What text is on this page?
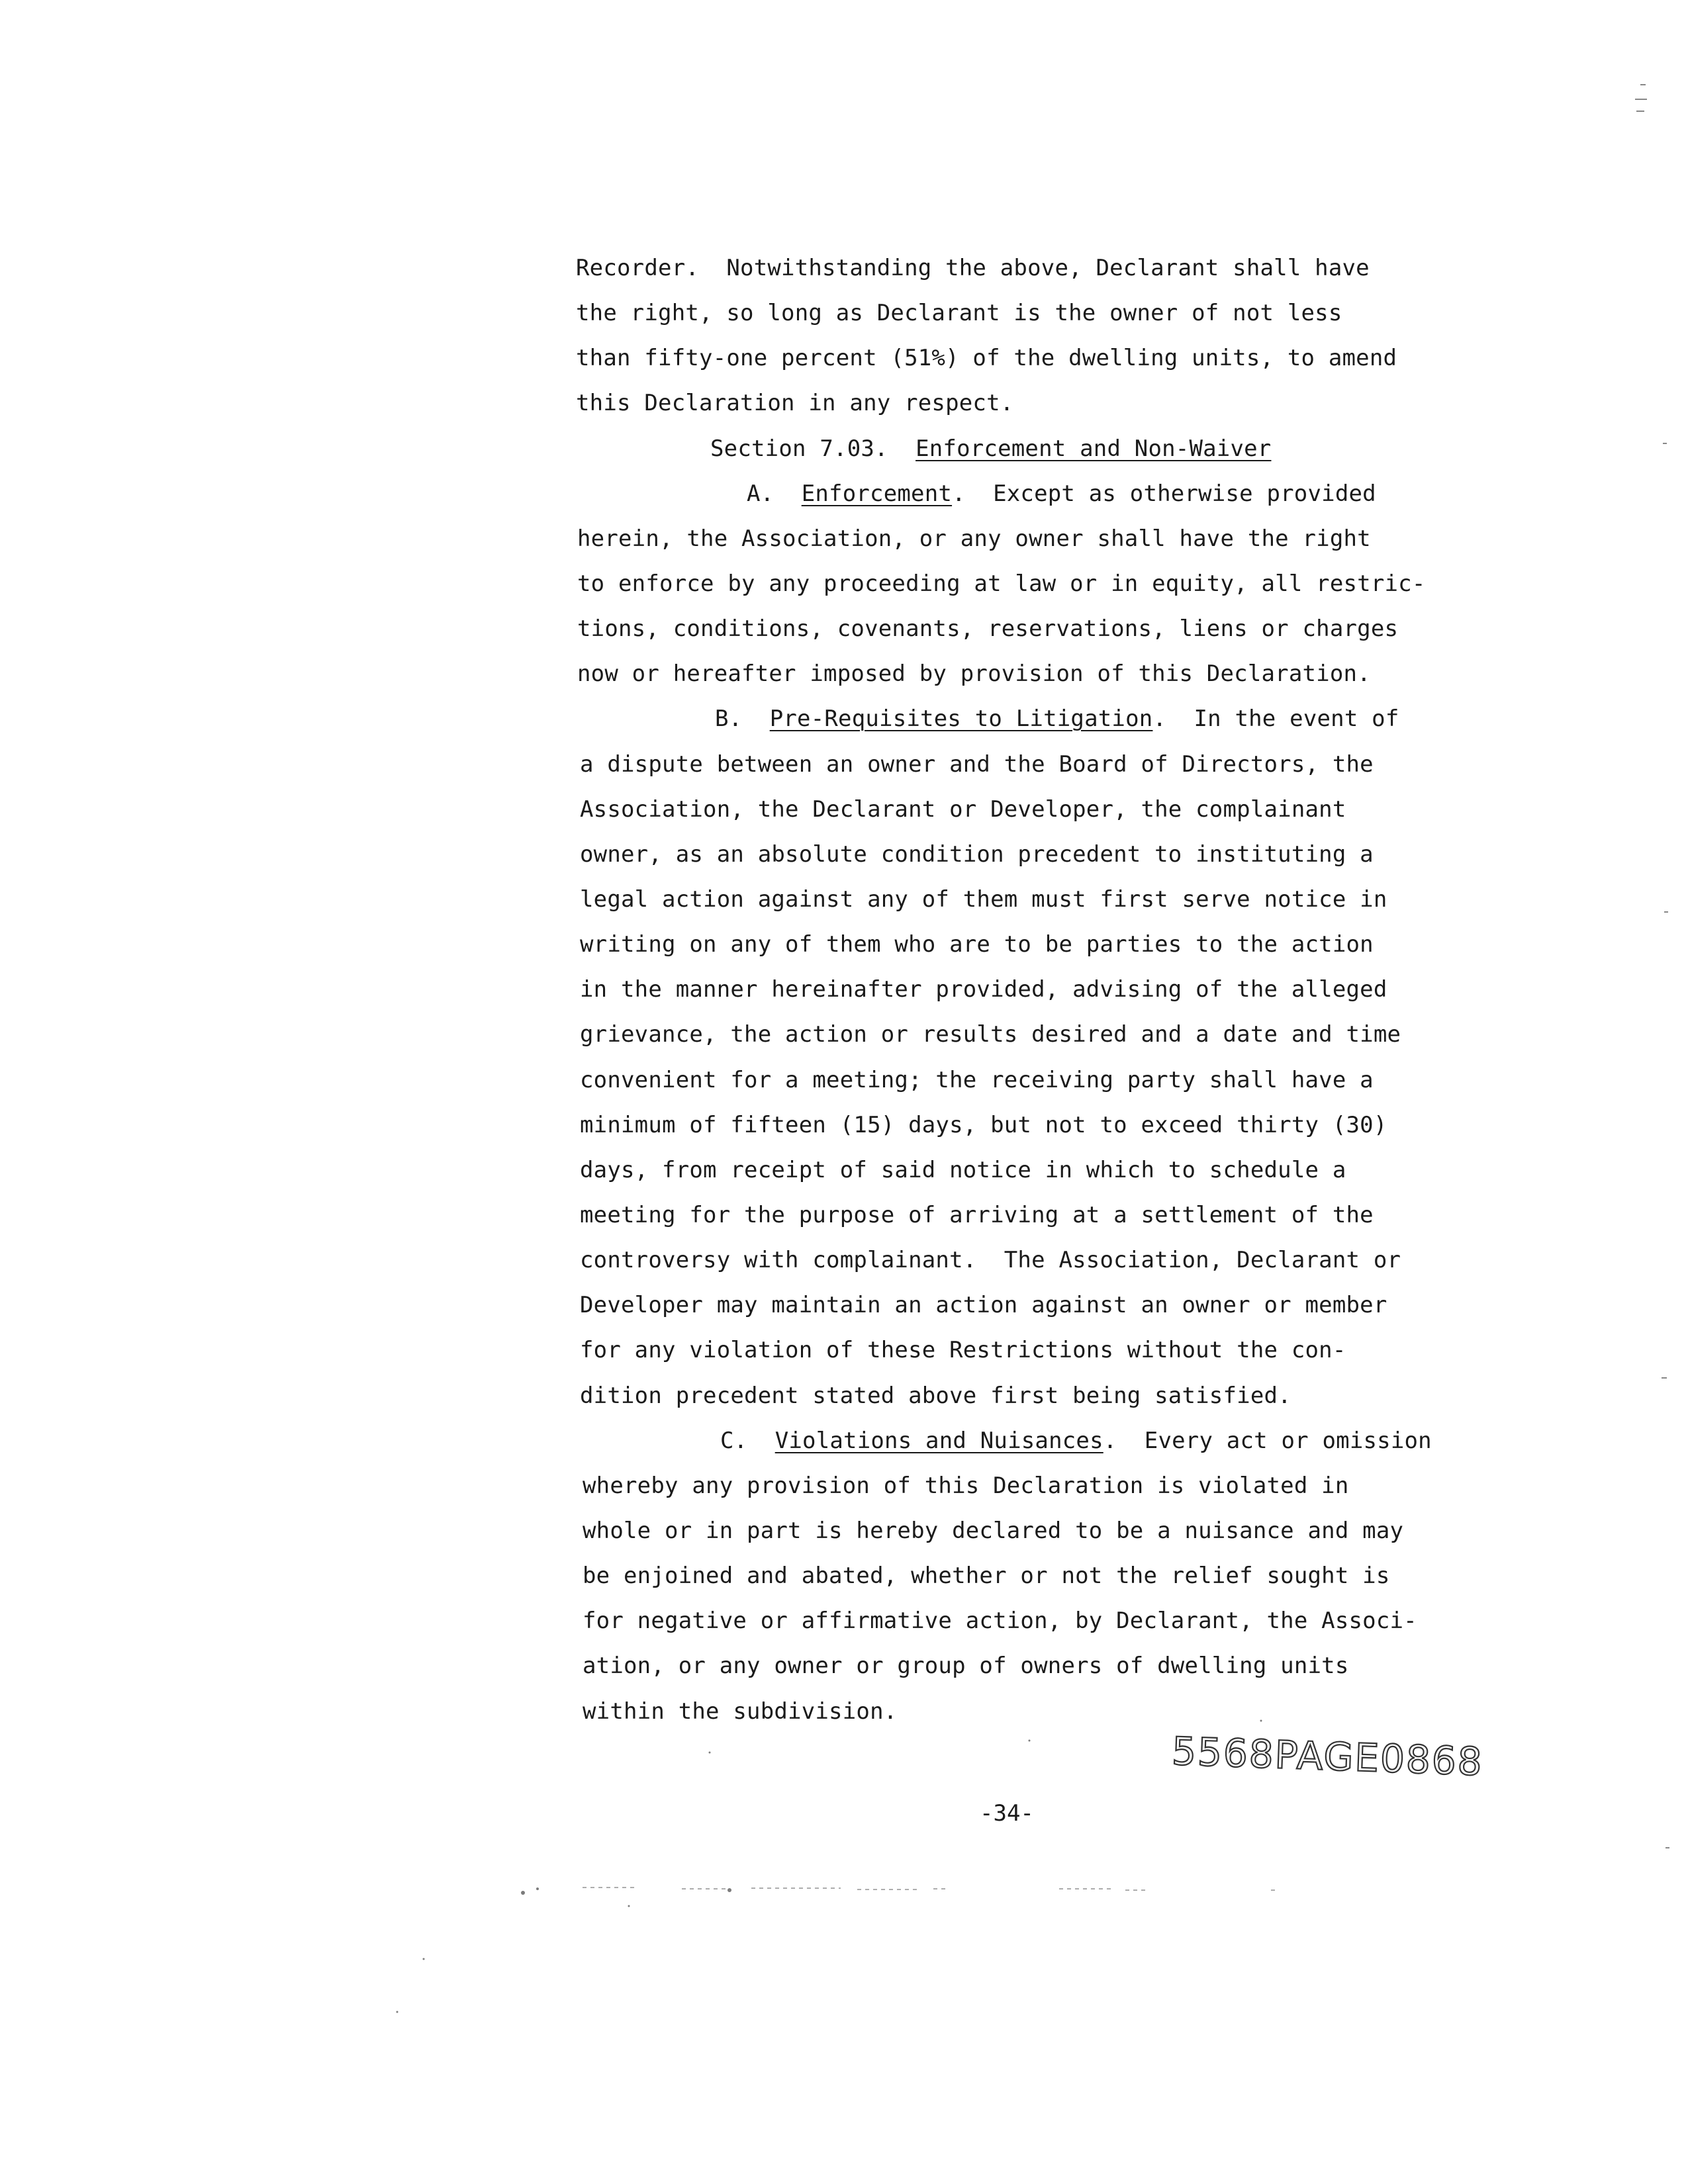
Recorder.  Notwithstanding the above, Declarant shall have
the right, so long as Declarant is the owner of not less
than fifty-one percent (51%) of the dwelling units, to amend
this Declaration in any respect.
Section 7.03. Enforcement and Non-Waiver
A. Enforcement.  Except as otherwise provided
herein, the Association, or any owner shall have the right
to enforce by any proceeding at law or in equity, all restric-
tions, conditions, covenants, reservations, liens or charges
now or hereafter imposed by provision of this Declaration.
B. Pre-Requisites to Litigation.  In the event of
a dispute between an owner and the Board of Directors, the
Association, the Declarant or Developer, the complainant
owner, as an absolute condition precedent to instituting a
legal action against any of them must first serve notice in
writing on any of them who are to be parties to the action
in the manner hereinafter provided, advising of the alleged
grievance, the action or results desired and a date and time
convenient for a meeting; the receiving party shall have a
minimum of fifteen (15) days, but not to exceed thirty (30)
days, from receipt of said notice in which to schedule a
meeting for the purpose of arriving at a settlement of the
controversy with complainant.  The Association, Declarant or
Developer may maintain an action against an owner or member
for any violation of these Restrictions without the con-
dition precedent stated above first being satisfied.
C. Violations and Nuisances.  Every act or omission
whereby any provision of this Declaration is violated in
whole or in part is hereby declared to be a nuisance and may
be enjoined and abated, whether or not the relief sought is
for negative or affirmative action, by Declarant, the Associ-
ation, or any owner or group of owners of dwelling units
within the subdivision.
5568PAGE0868
-34-
